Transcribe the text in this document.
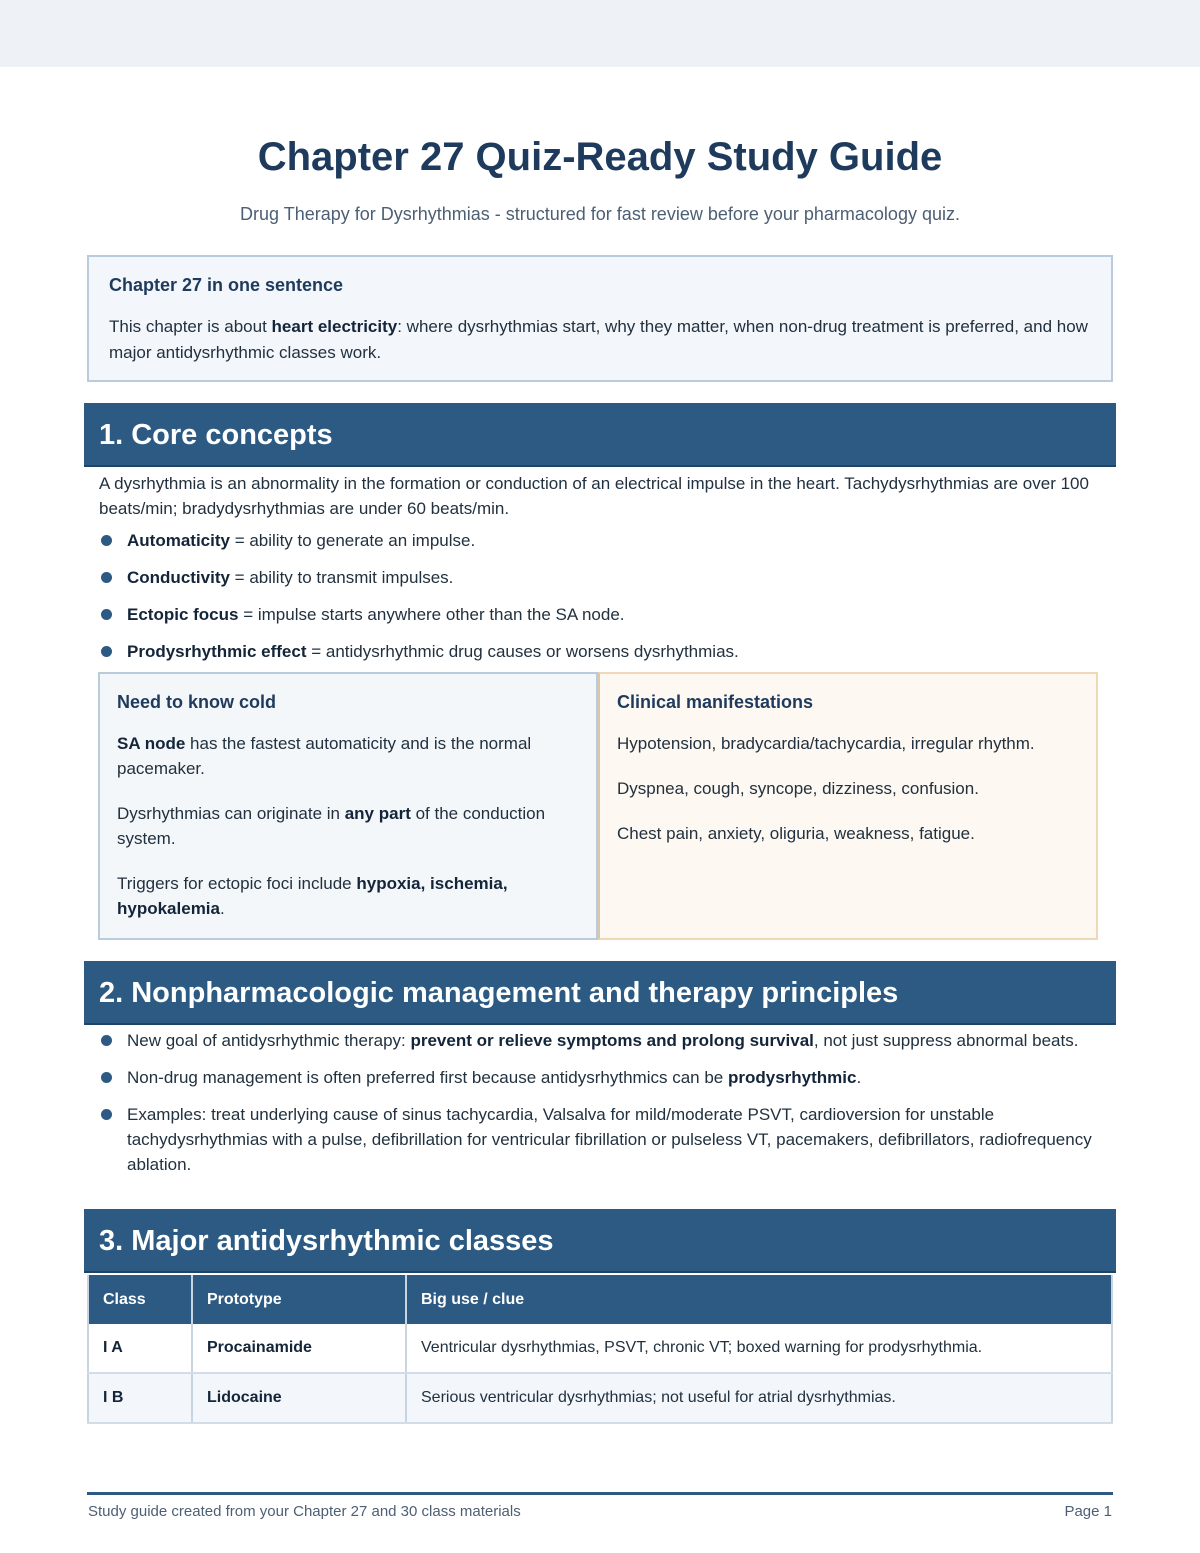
Chapter 27 Quiz-Ready Study Guide
Drug Therapy for Dysrhythmias - structured for fast review before your pharmacology quiz.
Chapter 27 in one sentence
This chapter is about heart electricity: where dysrhythmias start, why they matter, when non-drug treatment is preferred, and how major antidysrhythmic classes work.
1. Core concepts
A dysrhythmia is an abnormality in the formation or conduction of an electrical impulse in the heart. Tachydysrhythmias are over 100 beats/min; bradydysrhythmias are under 60 beats/min.
Automaticity = ability to generate an impulse.
Conductivity = ability to transmit impulses.
Ectopic focus = impulse starts anywhere other than the SA node.
Prodysrhythmic effect = antidysrhythmic drug causes or worsens dysrhythmias.
Need to know cold

SA node has the fastest automaticity and is the normal pacemaker.

Dysrhythmias can originate in any part of the conduction system.

Triggers for ectopic foci include hypoxia, ischemia, hypokalemia.

Clinical manifestations

Hypotension, bradycardia/tachycardia, irregular rhythm.

Dyspnea, cough, syncope, dizziness, confusion.

Chest pain, anxiety, oliguria, weakness, fatigue.

2. Nonpharmacologic management and therapy principles
New goal of antidysrhythmic therapy: prevent or relieve symptoms and prolong survival, not just suppress abnormal beats.
Non-drug management is often preferred first because antidysrhythmics can be prodysrhythmic.
Examples: treat underlying cause of sinus tachycardia, Valsalva for mild/moderate PSVT, cardioversion for unstable tachydysrhythmias with a pulse, defibrillation for ventricular fibrillation or pulseless VT, pacemakers, defibrillators, radiofrequency ablation.
3. Major antidysrhythmic classes
Class	Prototype	Big use / clue
I A	Procainamide	Ventricular dysrhythmias, PSVT, chronic VT; boxed warning for prodysrhythmia.
I B	Lidocaine	Serious ventricular dysrhythmias; not useful for atrial dysrhythmias.
Study guide created from your Chapter 27 and 30 class materials	Page 1
